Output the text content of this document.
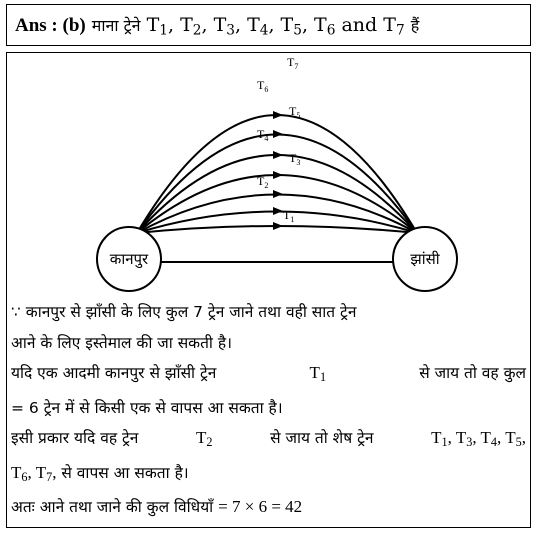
Ans : (b) माना ट्रेने $T_1$, $T_2$, $T_3$, $T_4$, $T_5$, $T_6$ and $T_7$ हैं
$T_1$
$T_2$
$T_3$
$T_4$
$T_5$
$T_6$
$T_7$
कानपुर	झांसी
∵ कानपुर से झाँसी के लिए कुल 7 ट्रेन जाने तथा वही सात ट्रेन
आने के लिए इस्तेमाल की जा सकती है।
यदि एक आदमी कानपुर से झाँसी ट्रेन	$T_1$	से जाय तो वह कुल
= 6 ट्रेन में से किसी एक से वापस आ सकता है।
इसी प्रकार यदि वह ट्रेन	$T_2$	से जाय तो शेष ट्रेन	$T_1$, $T_3$, $T_4$, $T_5$,
$T_6$, $T_7$, से वापस आ सकता है।
अतः आने तथा जाने की कुल विधियाँ = 7 × 6 = 42
